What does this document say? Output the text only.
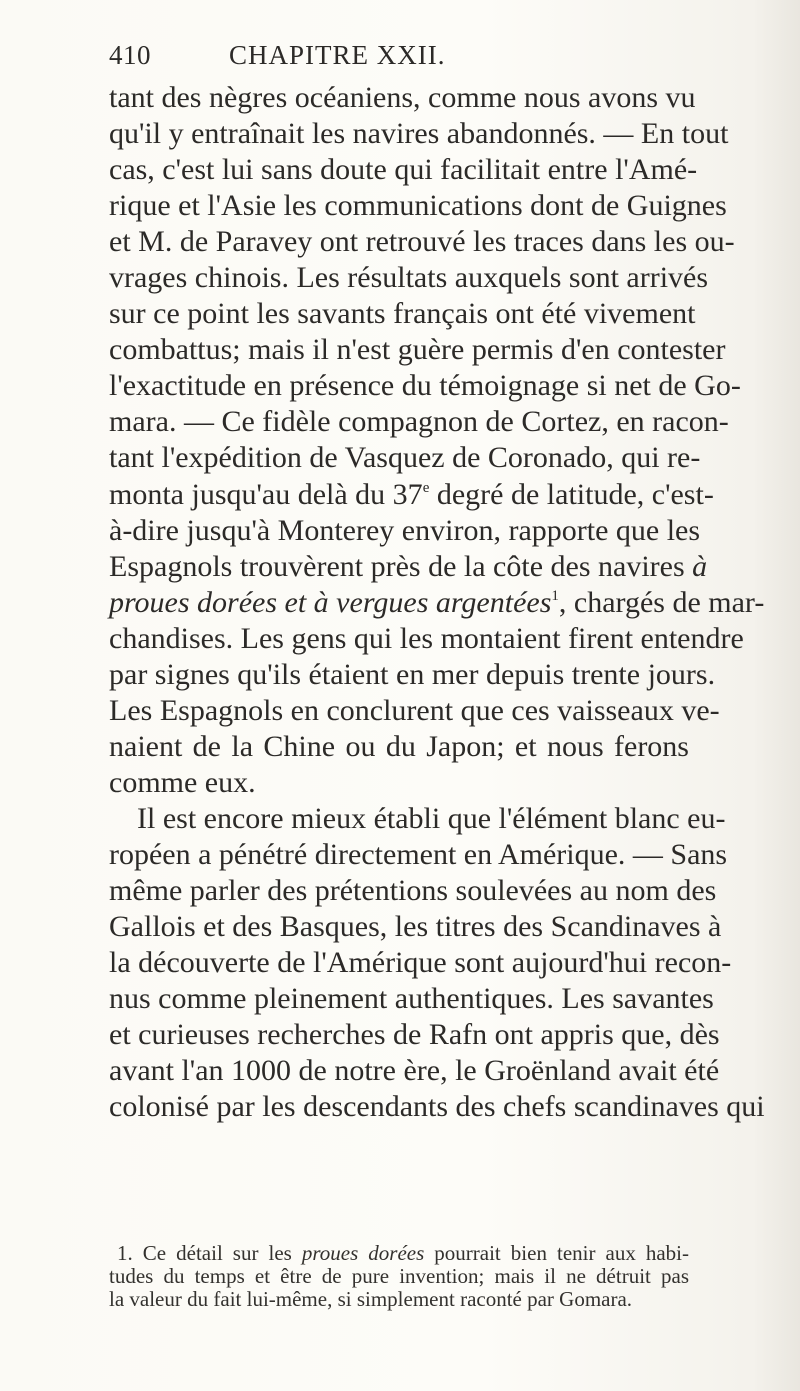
410	CHAPITRE XXII.
tant des nègres océaniens, comme nous avons vu
qu'il y entraînait les navires abandonnés. — En tout
cas, c'est lui sans doute qui facilitait entre l'Amé-
rique et l'Asie les communications dont de Guignes
et M. de Paravey ont retrouvé les traces dans les ou-
vrages chinois. Les résultats auxquels sont arrivés
sur ce point les savants français ont été vivement
combattus; mais il n'est guère permis d'en contester
l'exactitude en présence du témoignage si net de Go-
mara. — Ce fidèle compagnon de Cortez, en racon-
tant l'expédition de Vasquez de Coronado, qui re-
monta jusqu'au delà du 37e degré de latitude, c'est-
à-dire jusqu'à Monterey environ, rapporte que les
Espagnols trouvèrent près de la côte des navires à
proues dorées et à vergues argentées$^1$, chargés de mar-
chandises. Les gens qui les montaient firent entendre
par signes qu'ils étaient en mer depuis trente jours.
Les Espagnols en conclurent que ces vaisseaux ve-
naient de la Chine ou du Japon; et nous ferons
comme eux.
Il est encore mieux établi que l'élément blanc eu-
ropéen a pénétré directement en Amérique. — Sans
même parler des prétentions soulevées au nom des
Gallois et des Basques, les titres des Scandinaves à
la découverte de l'Amérique sont aujourd'hui recon-
nus comme pleinement authentiques. Les savantes
et curieuses recherches de Rafn ont appris que, dès
avant l'an 1000 de notre ère, le Groënland avait été
colonisé par les descendants des chefs scandinaves qui
1. Ce détail sur les proues dorées pourrait bien tenir aux habi-
tudes du temps et être de pure invention; mais il ne détruit pas
la valeur du fait lui-même, si simplement raconté par Gomara.
